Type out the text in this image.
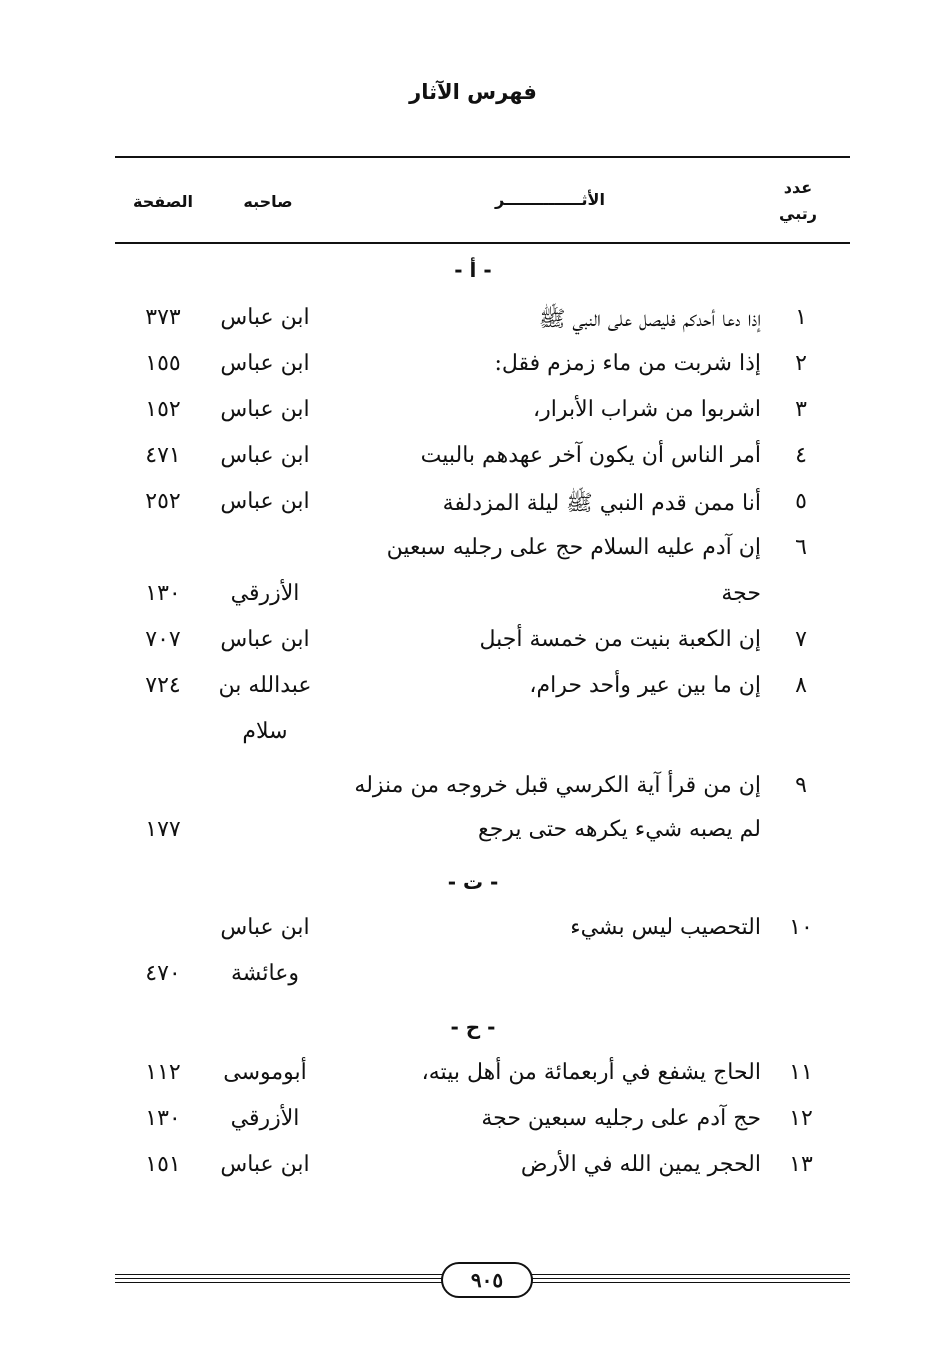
فهرس الآثار
عدد
رتبي
الأثــــــــــــــر
صاحبه
الصفحة
- أ -
١
إذا دعا أحدكم فليصل على النبي ﷺ
ابن عباس
٣٧٣
٢
إذا شربت من ماء زمزم فقل:
ابن عباس
١٥٥
٣
اشربوا من شراب الأبرار،
ابن عباس
١٥٢
٤
أمر الناس أن يكون آخر عهدهم بالبيت
ابن عباس
٤٧١
٥
أنا ممن قدم النبي ﷺ ليلة المزدلفة
ابن عباس
٢٥٢
٦
إن آدم عليه السلام حج على رجليه سبعين
حجة
الأزرقي
١٣٠
٧
إن الكعبة بنيت من خمسة أجبل
ابن عباس
٧٠٧
٨
إن ما بين عير وأحد حرام،
عبدالله بن
٧٢٤
سلام
٩
إن من قرأ آية الكرسي قبل خروجه من منزله
لم يصبه شيء يكرهه حتى يرجع
١٧٧
- ت -
١٠
التحصيب ليس بشيء
ابن عباس
وعائشة
٤٧٠
- ح -
١١
الحاج يشفع في أربعمائة من أهل بيته،
أبوموسى
١١٢
١٢
حج آدم على رجليه سبعين حجة
الأزرقي
١٣٠
١٣
الحجر يمين الله في الأرض
ابن عباس
١٥١
٩٠٥
